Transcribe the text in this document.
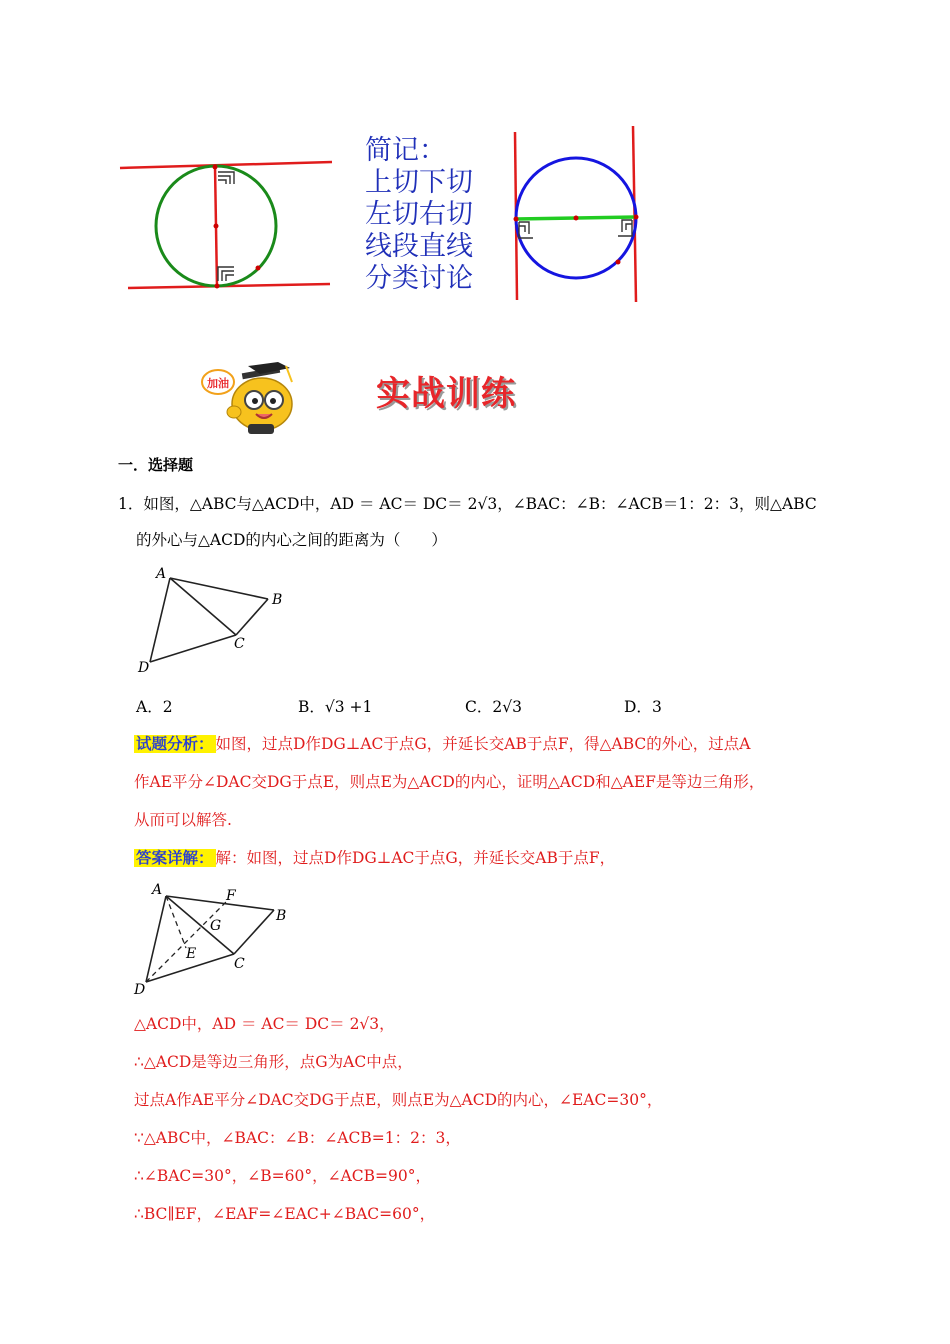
简记：
上切下切
左切右切
线段直线
分类讨论
加油	实战训练
一．选择题
1．如图，△ABC与△ACD中，AD ＝ AC＝ DC＝ 2√3，∠BAC：∠B：∠ACB＝1：2：3，则△ABC
的外心与△ACD的内心之间的距离为（　　）
A
B
C
D
A．2	B．√3 +1	C．2√3	D．3
试题分析： 如图，过点D作DG⊥AC于点G，并延长交AB于点F，得△ABC的外心，过点A
作AE平分∠DAC交DG于点E，则点E为△ACD的内心，证明△ACD和△AEF是等边三角形，
从而可以解答.
答案详解： 解：如图，过点D作DG⊥AC于点G，并延长交AB于点F，
A	F
G
B
E
C
D
△ACD中，AD ＝ AC＝ DC＝ 2√3，
∴△ACD是等边三角形，点G为AC中点，
过点A作AE平分∠DAC交DG于点E，则点E为△ACD的内心，∠EAC=30°，
∵△ABC中，∠BAC：∠B：∠ACB=1：2：3，
∴∠BAC=30°，∠B=60°，∠ACB=90°，
∴BC∥EF，∠EAF=∠EAC+∠BAC=60°，
